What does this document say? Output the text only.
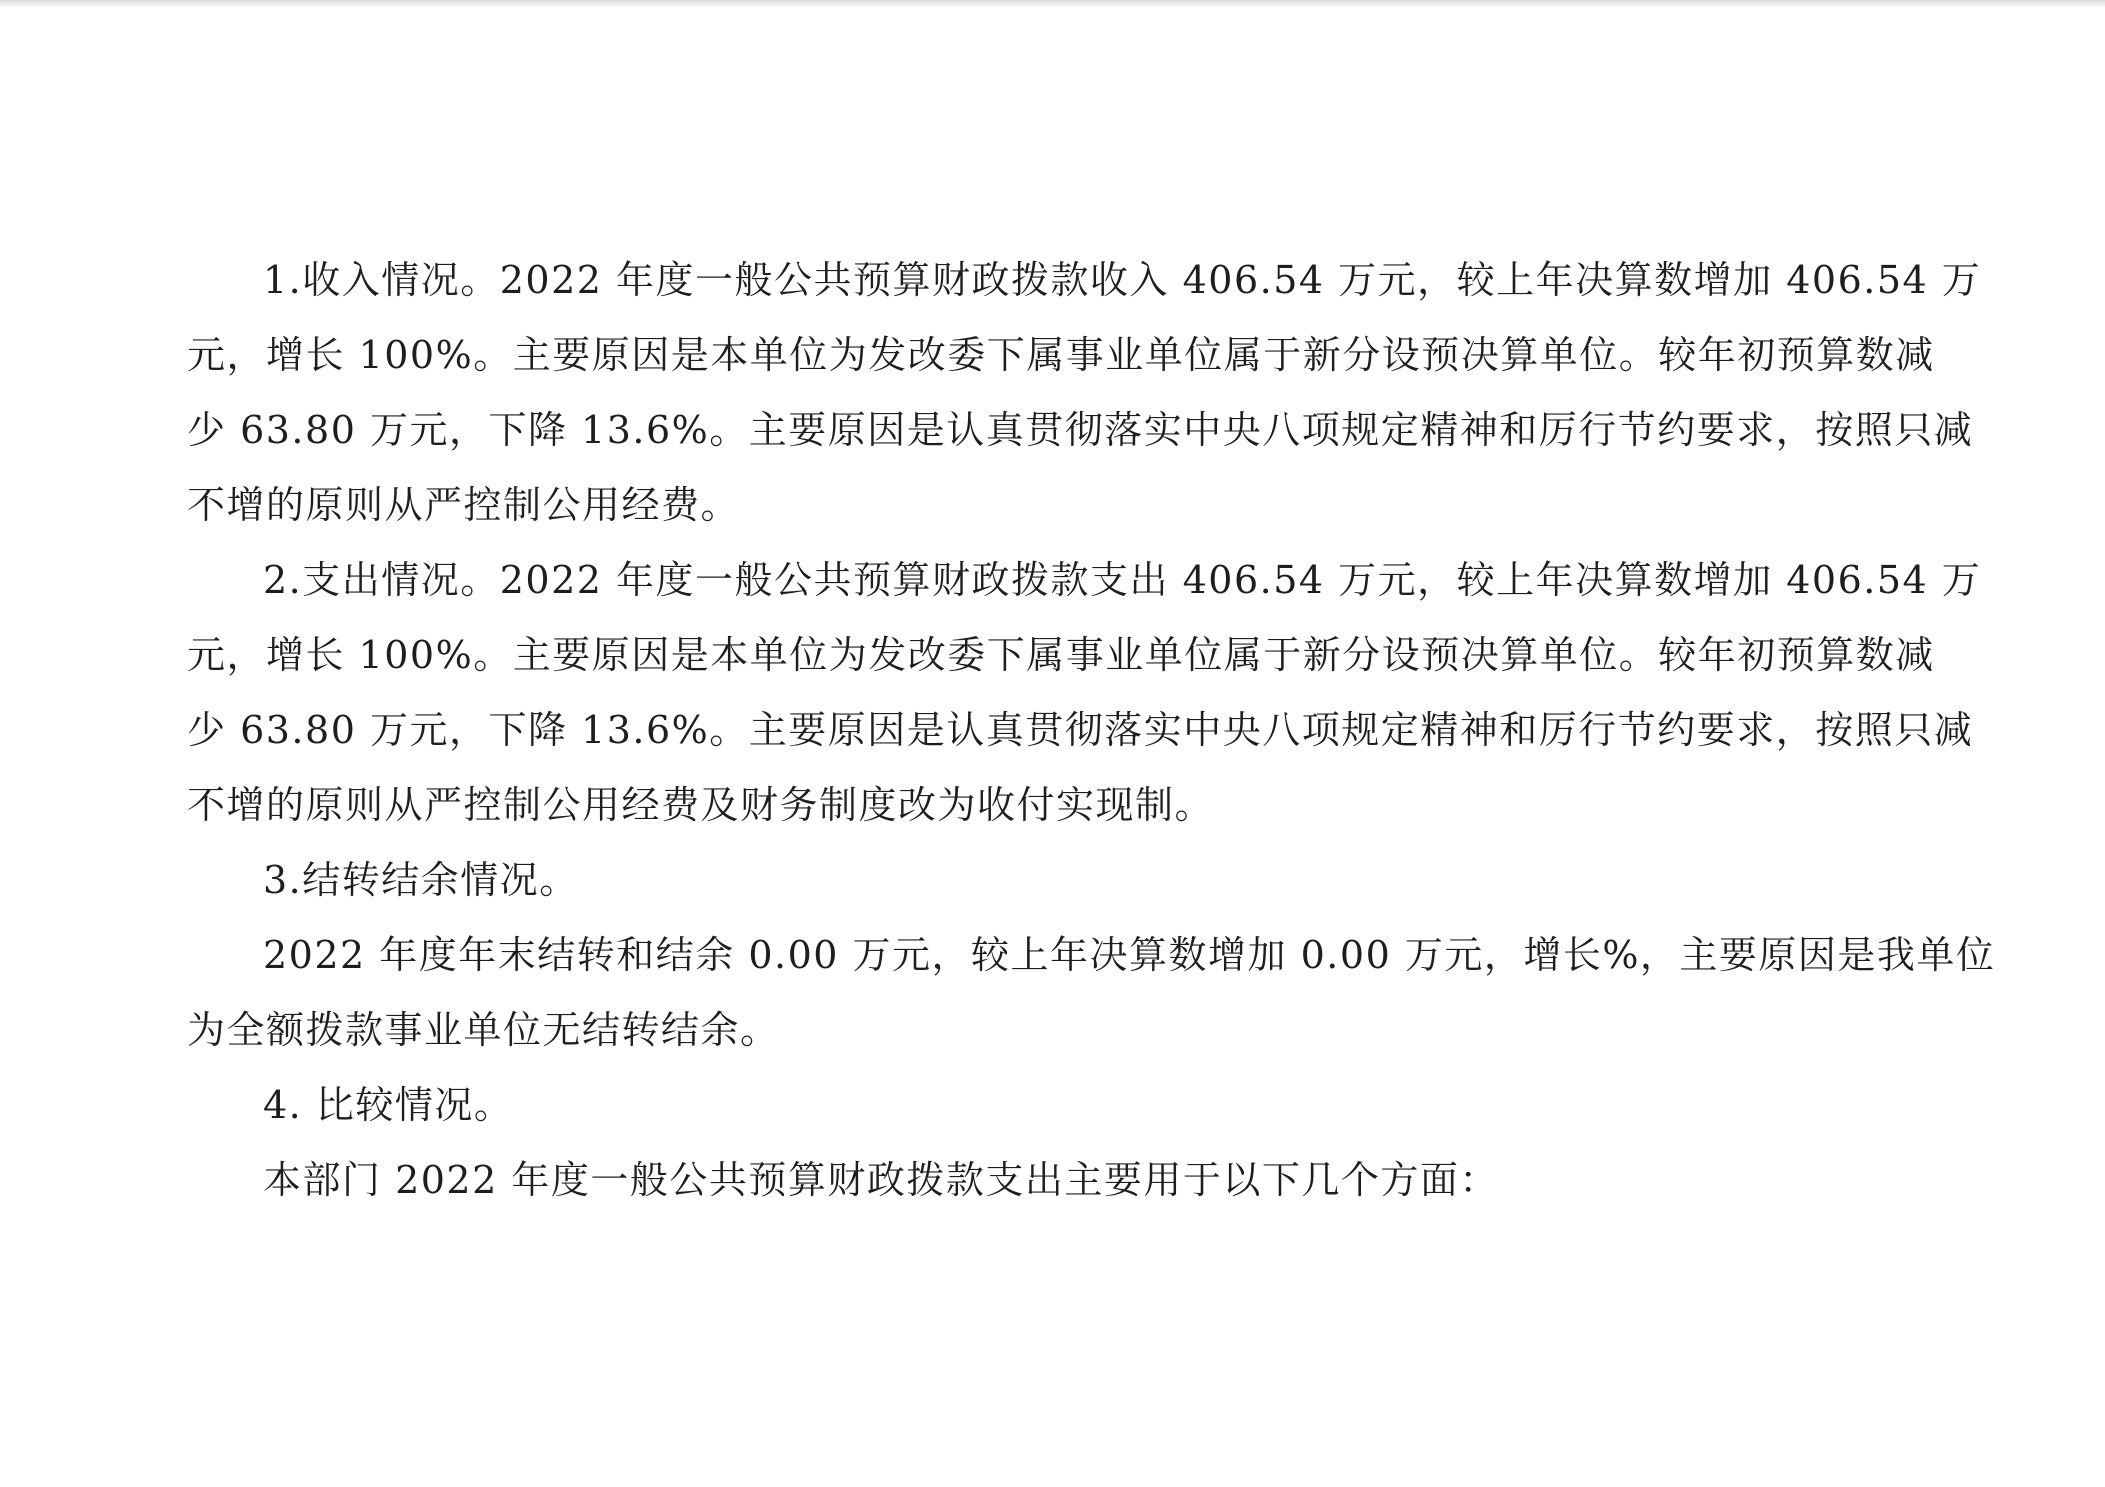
1.收入情况。2022 年度一般公共预算财政拨款收入 406.54 万元，较上年决算数增加 406.54 万
元，增长 100%。主要原因是本单位为发改委下属事业单位属于新分设预决算单位。较年初预算数减
少 63.80 万元，下降 13.6%。主要原因是认真贯彻落实中央八项规定精神和厉行节约要求，按照只减
不增的原则从严控制公用经费。
2.支出情况。2022 年度一般公共预算财政拨款支出 406.54 万元，较上年决算数增加 406.54 万
元，增长 100%。主要原因是本单位为发改委下属事业单位属于新分设预决算单位。较年初预算数减
少 63.80 万元，下降 13.6%。主要原因是认真贯彻落实中央八项规定精神和厉行节约要求，按照只减
不增的原则从严控制公用经费及财务制度改为收付实现制。
3.结转结余情况。
2022 年度年末结转和结余 0.00 万元，较上年决算数增加 0.00 万元，增长%，主要原因是我单位
为全额拨款事业单位无结转结余。
4. 比较情况。
本部门 2022 年度一般公共预算财政拨款支出主要用于以下几个方面：
